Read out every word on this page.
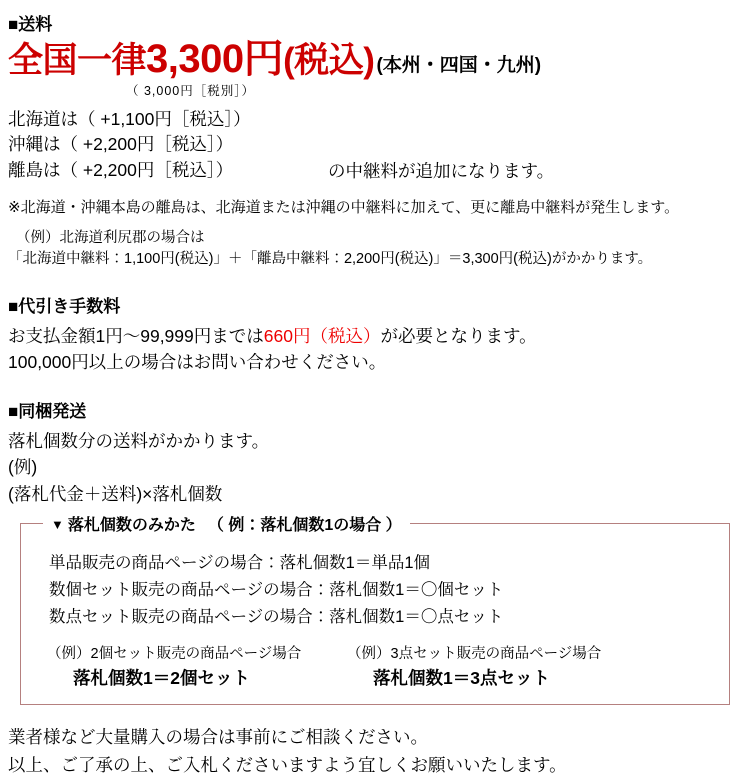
■送料
全国一律3,300円(税込) (本州・四国・九州)
（ 3,000円［税別］）
北海道は（ +1,100円［税込］）
沖縄は（ +2,200円［税込］）
離島は（ +2,200円［税込］）	の中継料が追加になります。
※北海道・沖縄本島の離島は、北海道または沖縄の中継料に加えて、更に離島中継料が発生します。
（例）北海道利尻郡の場合は
「北海道中継料：1,100円(税込)」＋「離島中継料：2,200円(税込)」＝3,300円(税込)がかかります。
■代引き手数料
お支払金額1円～99,999円までは660円（税込）が必要となります。
100,000円以上の場合はお問い合わせください。
■同梱発送
落札個数分の送料がかかります。
(例)
(落札代金＋送料)×落札個数
▼ 落札個数のみかた （ 例：落札個数1の場合 ）
単品販売の商品ページの場合：落札個数1＝単品1個
数個セット販売の商品ページの場合：落札個数1＝〇個セット
数点セット販売の商品ページの場合：落札個数1＝〇点セット
（例）2個セット販売の商品ページ場合
落札個数1＝2個セット
（例）3点セット販売の商品ページ場合
落札個数1＝3点セット
業者様など大量購入の場合は事前にご相談ください。
以上、ご了承の上、ご入札くださいますよう宜しくお願いいたします。
